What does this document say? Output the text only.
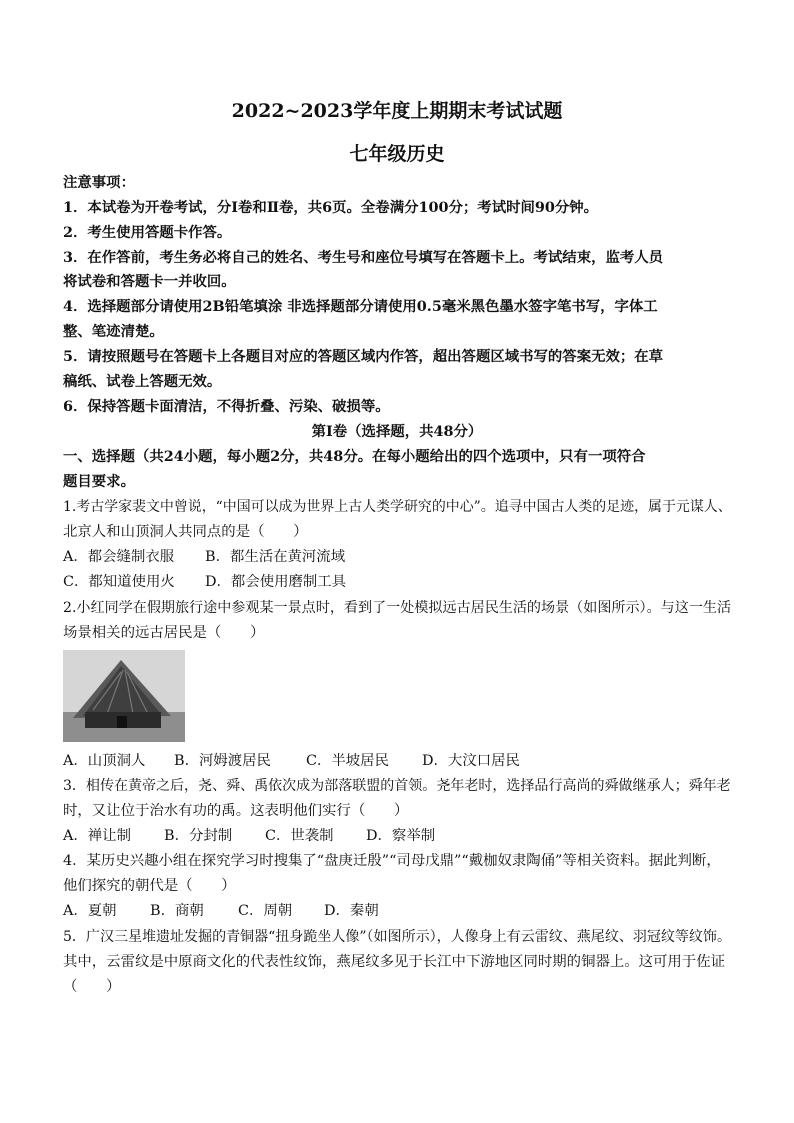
2022~2023学年度上期期末考试试题
七年级历史
注意事项：
1．本试卷为开卷考试，分Ⅰ卷和Ⅱ卷，共6页。全卷满分100分；考试时间90分钟。
2．考生使用答题卡作答。
3．在作答前，考生务必将自己的姓名、考生号和座位号填写在答题卡上。考试结束，监考人员
将试卷和答题卡一并收回。
4．选择题部分请使用2B铅笔填涂 非选择题部分请使用0.5毫米黑色墨水签字笔书写，字体工
整、笔迹清楚。
5．请按照题号在答题卡上各题目对应的答题区域内作答，超出答题区域书写的答案无效；在草
稿纸、试卷上答题无效。
6．保持答题卡面清洁，不得折叠、污染、破损等。
第Ⅰ卷（选择题，共48分）
一、选择题（共24小题，每小题2分，共48分。在每小题给出的四个选项中，只有一项符合
题目要求。
1.考古学家裴文中曾说，“中国可以成为世界上古人类学研究的中心”。追寻中国古人类的足迹，属于元谋人、
北京人和山顶洞人共同点的是（　　）
A．都会缝制衣服 B．都生活在黄河流域
C．都知道使用火 D．都会使用磨制工具
2.小红同学在假期旅行途中参观某一景点时，看到了一处模拟远古居民生活的场景（如图所示）。与这一生活
场景相关的远古居民是（　　）
A．山顶洞人 B．河姆渡居民 C．半坡居民 D．大汶口居民
3．相传在黄帝之后，尧、舜、禹依次成为部落联盟的首领。尧年老时，选择品行高尚的舜做继承人；舜年老
时，又让位于治水有功的禹。这表明他们实行（　　）
A．禅让制 B．分封制 C．世袭制 D．察举制
4．某历史兴趣小组在探究学习时搜集了“盘庚迁殷”“司母戊鼎”“戴枷奴隶陶俑”等相关资料。据此判断，
他们探究的朝代是（　　）
A．夏朝 B．商朝 C．周朝 D．秦朝
5．广汉三星堆遗址发掘的青铜器“扭身跪坐人像”（如图所示），人像身上有云雷纹、燕尾纹、羽冠纹等纹饰。
其中，云雷纹是中原商文化的代表性纹饰，燕尾纹多见于长江中下游地区同时期的铜器上。这可用于佐证
（　　）
